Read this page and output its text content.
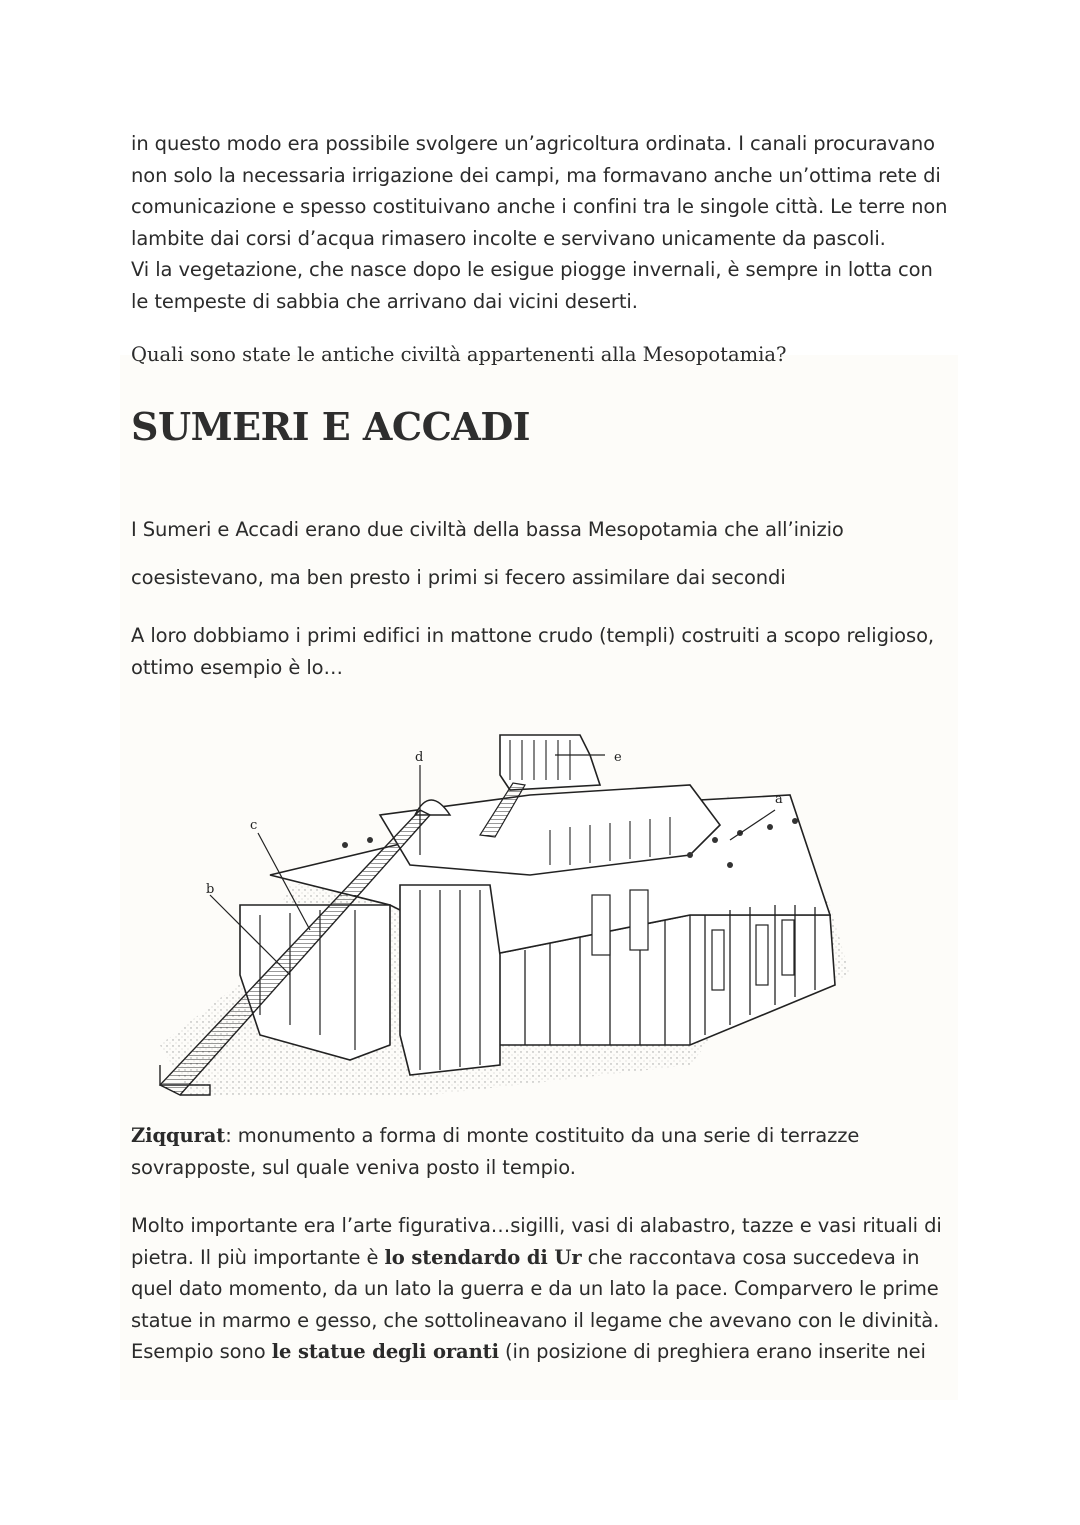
in questo modo era possibile svolgere un’agricoltura ordinata. I canali procuravano non solo la necessaria irrigazione dei campi, ma formavano anche un’ottima rete di comunicazione e spesso costituivano anche i confini tra le singole città. Le terre non lambite dai corsi d’acqua rimasero incolte e servivano unicamente da pascoli.
Vi la vegetazione, che nasce dopo le esigue piogge invernali, è sempre in lotta con le tempeste di sabbia che arrivano dai vicini deserti.

Quali sono state le antiche civiltà appartenenti alla Mesopotamia?

SUMERI E ACCADI

I Sumeri e Accadi erano due civiltà della bassa Mesopotamia che all’inizio coesistevano, ma ben presto i primi si fecero assimilare dai secondi

A loro dobbiamo i primi edifici in mattone crudo (templi) costruiti a scopo religioso, ottimo esempio è lo…

a
b
c
d	e

Ziqqurat: monumento a forma di monte costituito da una serie di terrazze sovrapposte, sul quale veniva posto il tempio.

Molto importante era l’arte figurativa…sigilli, vasi di alabastro, tazze e vasi rituali di pietra. Il più importante è lo stendardo di Ur che raccontava cosa succedeva in quel dato momento, da un lato la guerra e da un lato la pace. Comparvero le prime statue in marmo e gesso, che sottolineavano il legame che avevano con le divinità. Esempio sono le statue degli oranti (in posizione di preghiera erano inserite nei
